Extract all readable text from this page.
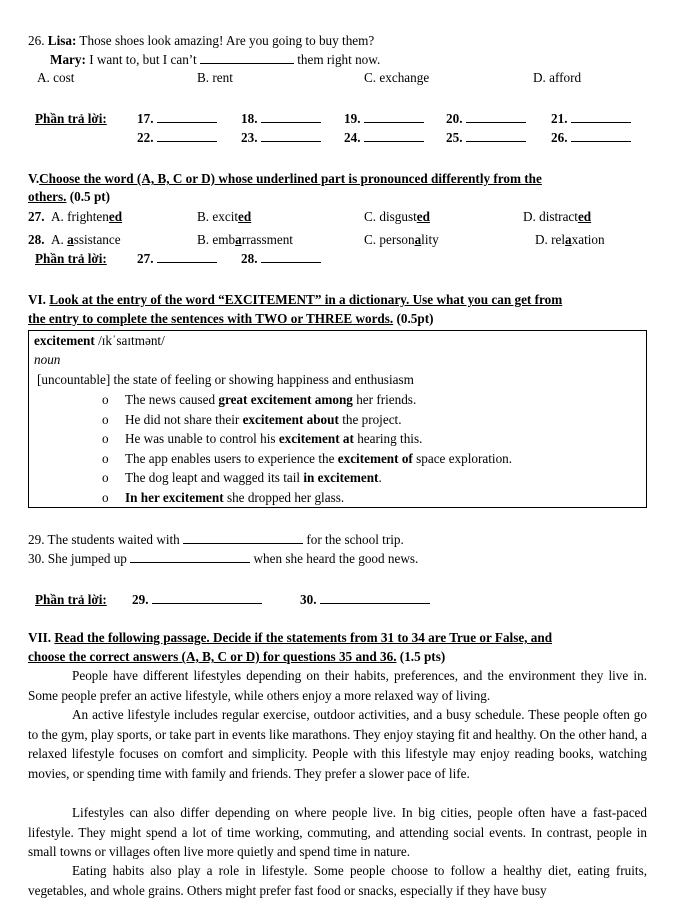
26. Lisa: Those shoes look amazing! Are you going to buy them?
Mary: I want to, but I can’t	them right now.
A. cost	B. rent	C. exchange	D. afford
Phần trả lời: 17.	18.	19.	20.	21.
22.	23.	24.	25.	26.
V.Choose the word (A, B, C or D) whose underlined part is pronounced differently from the
others. (0.5 pt)
27. A. frightened	B. excited	C. disgusted	D. distracted
28. A. assistance	B. embarrassment	C. personality	D. relaxation
Phần trả lời: 27.	28.
VI. Look at the entry of the word “EXCITEMENT” in a dictionary. Use what you can get from
the entry to complete the sentences with TWO or THREE words. (0.5pt)
excitement /ɪkˈsaɪtmənt/
noun
[uncountable] the state of feeling or showing happiness and enthusiasm
o The news caused great excitement among her friends.
o He did not share their excitement about the project.
o He was unable to control his excitement at hearing this.
o The app enables users to experience the excitement of space exploration.
o The dog leapt and wagged its tail in excitement.
o In her excitement she dropped her glass.
29. The students waited with	for the school trip.
30. She jumped up	when she heard the good news.
Phần trả lời: 29.	30.
VII. Read the following passage. Decide if the statements from 31 to 34 are True or False, and
choose the correct answers (A, B, C or D) for questions 35 and 36. (1.5 pts)
People have different lifestyles depending on their habits, preferences, and the environment they live in. Some people prefer an active lifestyle, while others enjoy a more relaxed way of living.
An active lifestyle includes regular exercise, outdoor activities, and a busy schedule. These people often go to the gym, play sports, or take part in events like marathons. They enjoy staying fit and healthy. On the other hand, a relaxed lifestyle focuses on comfort and simplicity. People with this lifestyle may enjoy reading books, watching movies, or spending time with family and friends. They prefer a slower pace of life.
Lifestyles can also differ depending on where people live. In big cities, people often have a fast-paced lifestyle. They might spend a lot of time working, commuting, and attending social events. In contrast, people in small towns or villages often live more quietly and spend time in nature.
Eating habits also play a role in lifestyle. Some people choose to follow a healthy diet, eating fruits, vegetables, and whole grains. Others might prefer fast food or snacks, especially if they have busy
